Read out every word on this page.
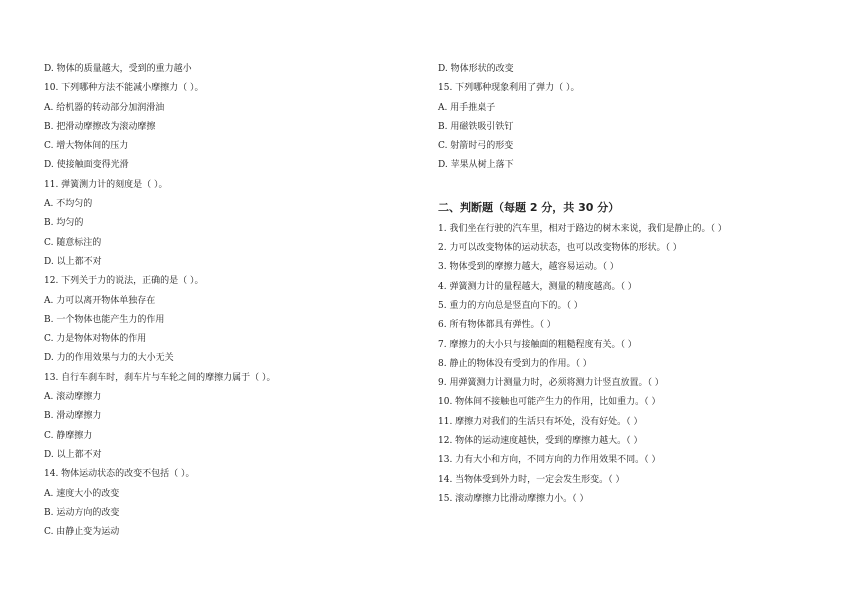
D. 物体的质量越大，受到的重力越小
10. 下列哪种方法不能减小摩擦力（ ）。
A. 给机器的转动部分加润滑油
B. 把滑动摩擦改为滚动摩擦
C. 增大物体间的压力
D. 使接触面变得光滑
11. 弹簧测力计的刻度是（ ）。
A. 不均匀的
B. 均匀的
C. 随意标注的
D. 以上都不对
12. 下列关于力的说法，正确的是（ ）。
A. 力可以离开物体单独存在
B. 一个物体也能产生力的作用
C. 力是物体对物体的作用
D. 力的作用效果与力的大小无关
13. 自行车刹车时，刹车片与车轮之间的摩擦力属于（ ）。
A. 滚动摩擦力
B. 滑动摩擦力
C. 静摩擦力
D. 以上都不对
14. 物体运动状态的改变不包括（ ）。
A. 速度大小的改变
B. 运动方向的改变
C. 由静止变为运动
D. 物体形状的改变
15. 下列哪种现象利用了弹力（ ）。
A. 用手推桌子
B. 用磁铁吸引铁钉
C. 射箭时弓的形变
D. 苹果从树上落下
二、判断题（每题 2 分，共 30 分）
1. 我们坐在行驶的汽车里，相对于路边的树木来说，我们是静止的。（ ）
2. 力可以改变物体的运动状态，也可以改变物体的形状。（ ）
3. 物体受到的摩擦力越大，越容易运动。（ ）
4. 弹簧测力计的量程越大，测量的精度越高。（ ）
5. 重力的方向总是竖直向下的。（ ）
6. 所有物体都具有弹性。（ ）
7. 摩擦力的大小只与接触面的粗糙程度有关。（ ）
8. 静止的物体没有受到力的作用。（ ）
9. 用弹簧测力计测量力时，必须将测力计竖直放置。（ ）
10. 物体间不接触也可能产生力的作用，比如重力。（ ）
11. 摩擦力对我们的生活只有坏处，没有好处。（ ）
12. 物体的运动速度越快，受到的摩擦力越大。（ ）
13. 力有大小和方向，不同方向的力作用效果不同。（ ）
14. 当物体受到外力时，一定会发生形变。（ ）
15. 滚动摩擦力比滑动摩擦力小。（ ）
